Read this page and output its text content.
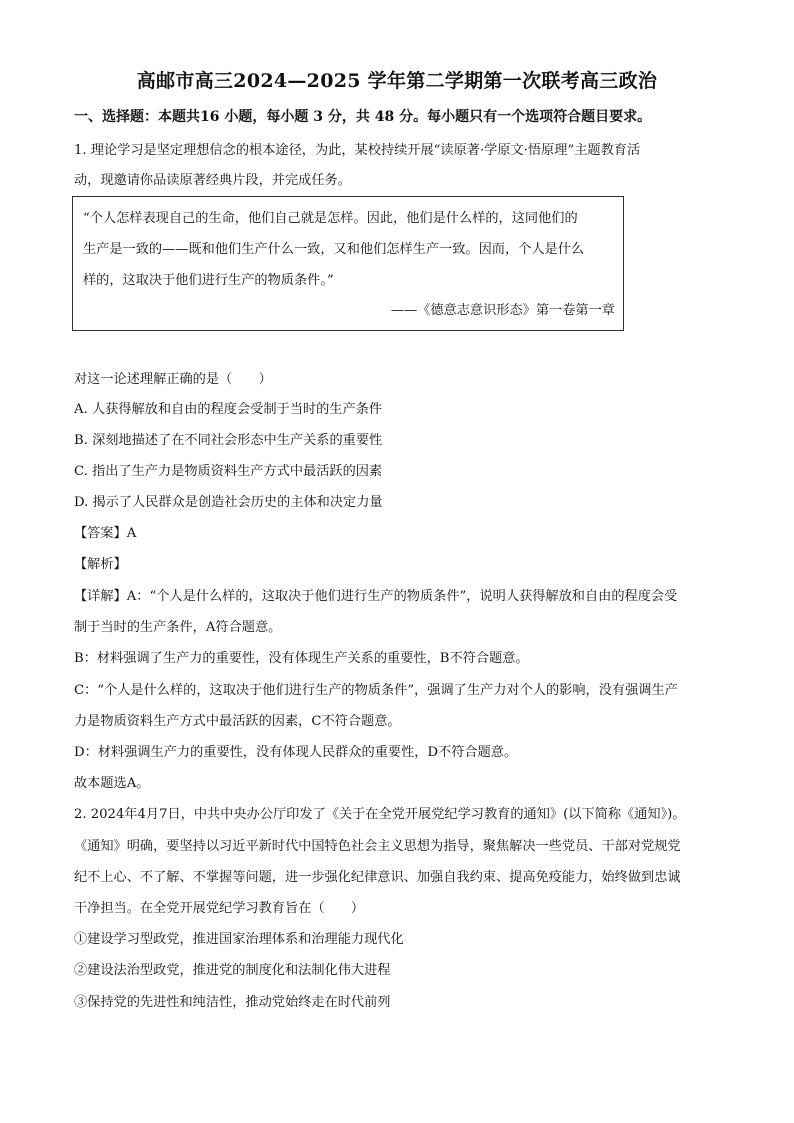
高邮市高三2024—2025 学年第二学期第一次联考高三政治
一、选择题：本题共16 小题，每小题 3 分，共 48 分。每小题只有一个选项符合题目要求。
1. 理论学习是坚定理想信念的根本途径，为此，某校持续开展“读原著·学原文·悟原理”主题教育活
动，现邀请你品读原著经典片段，并完成任务。
“个人怎样表现自己的生命，他们自己就是怎样。因此，他们是什么样的，这同他们的
生产是一致的——既和他们生产什么一致，又和他们怎样生产一致。因而，个人是什么
样的，这取决于他们进行生产的物质条件。”
——《德意志意识形态》第一卷第一章
对这一论述理解正确的是（　　）
A. 人获得解放和自由的程度会受制于当时的生产条件
B. 深刻地描述了在不同社会形态中生产关系的重要性
C. 指出了生产力是物质资料生产方式中最活跃的因素
D. 揭示了人民群众是创造社会历史的主体和决定力量
【答案】A
【解析】
【详解】A：“个人是什么样的，这取决于他们进行生产的物质条件”，说明人获得解放和自由的程度会受
制于当时的生产条件，A符合题意。
B：材料强调了生产力的重要性，没有体现生产关系的重要性，B不符合题意。
C：“个人是什么样的，这取决于他们进行生产的物质条件”，强调了生产力对个人的影响，没有强调生产
力是物质资料生产方式中最活跃的因素，C不符合题意。
D：材料强调生产力的重要性，没有体现人民群众的重要性，D不符合题意。
故本题选A。
2. 2024年4月7日，中共中央办公厅印发了《关于在全党开展党纪学习教育的通知》(以下简称《通知》)。
《通知》明确，要坚持以习近平新时代中国特色社会主义思想为指导，聚焦解决一些党员、干部对党规党
纪不上心、不了解、不掌握等问题，进一步强化纪律意识、加强自我约束、提高免疫能力，始终做到忠诚
干净担当。在全党开展党纪学习教育旨在（　　）
①建设学习型政党，推进国家治理体系和治理能力现代化
②建设法治型政党，推进党的制度化和法制化伟大进程
③保持党的先进性和纯洁性，推动党始终走在时代前列
